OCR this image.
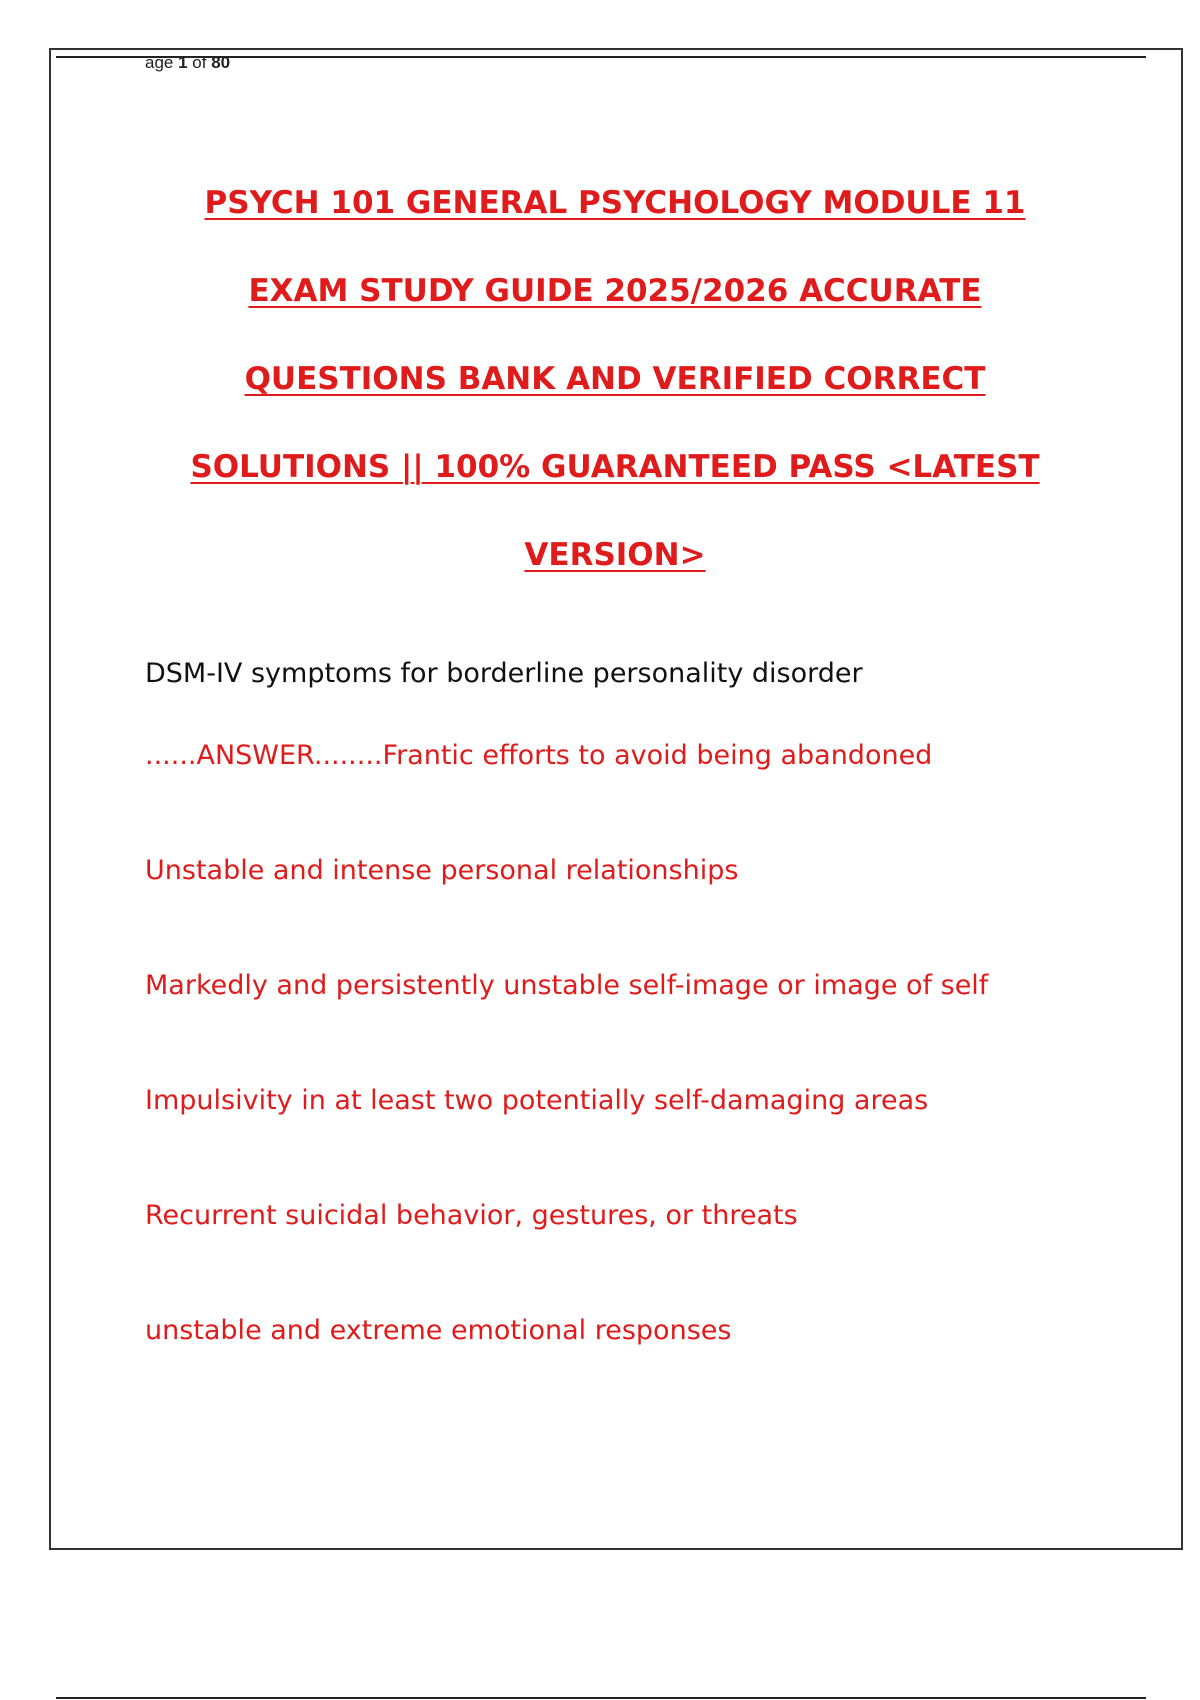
age 1 of 80
PSYCH 101 GENERAL PSYCHOLOGY MODULE 11
EXAM STUDY GUIDE 2025/2026 ACCURATE
QUESTIONS BANK AND VERIFIED CORRECT
SOLUTIONS || 100% GUARANTEED PASS <LATEST
VERSION>
DSM-IV symptoms for borderline personality disorder
......ANSWER........Frantic efforts to avoid being abandoned
Unstable and intense personal relationships
Markedly and persistently unstable self-image or image of self
Impulsivity in at least two potentially self-damaging areas
Recurrent suicidal behavior, gestures, or threats
unstable and extreme emotional responses
